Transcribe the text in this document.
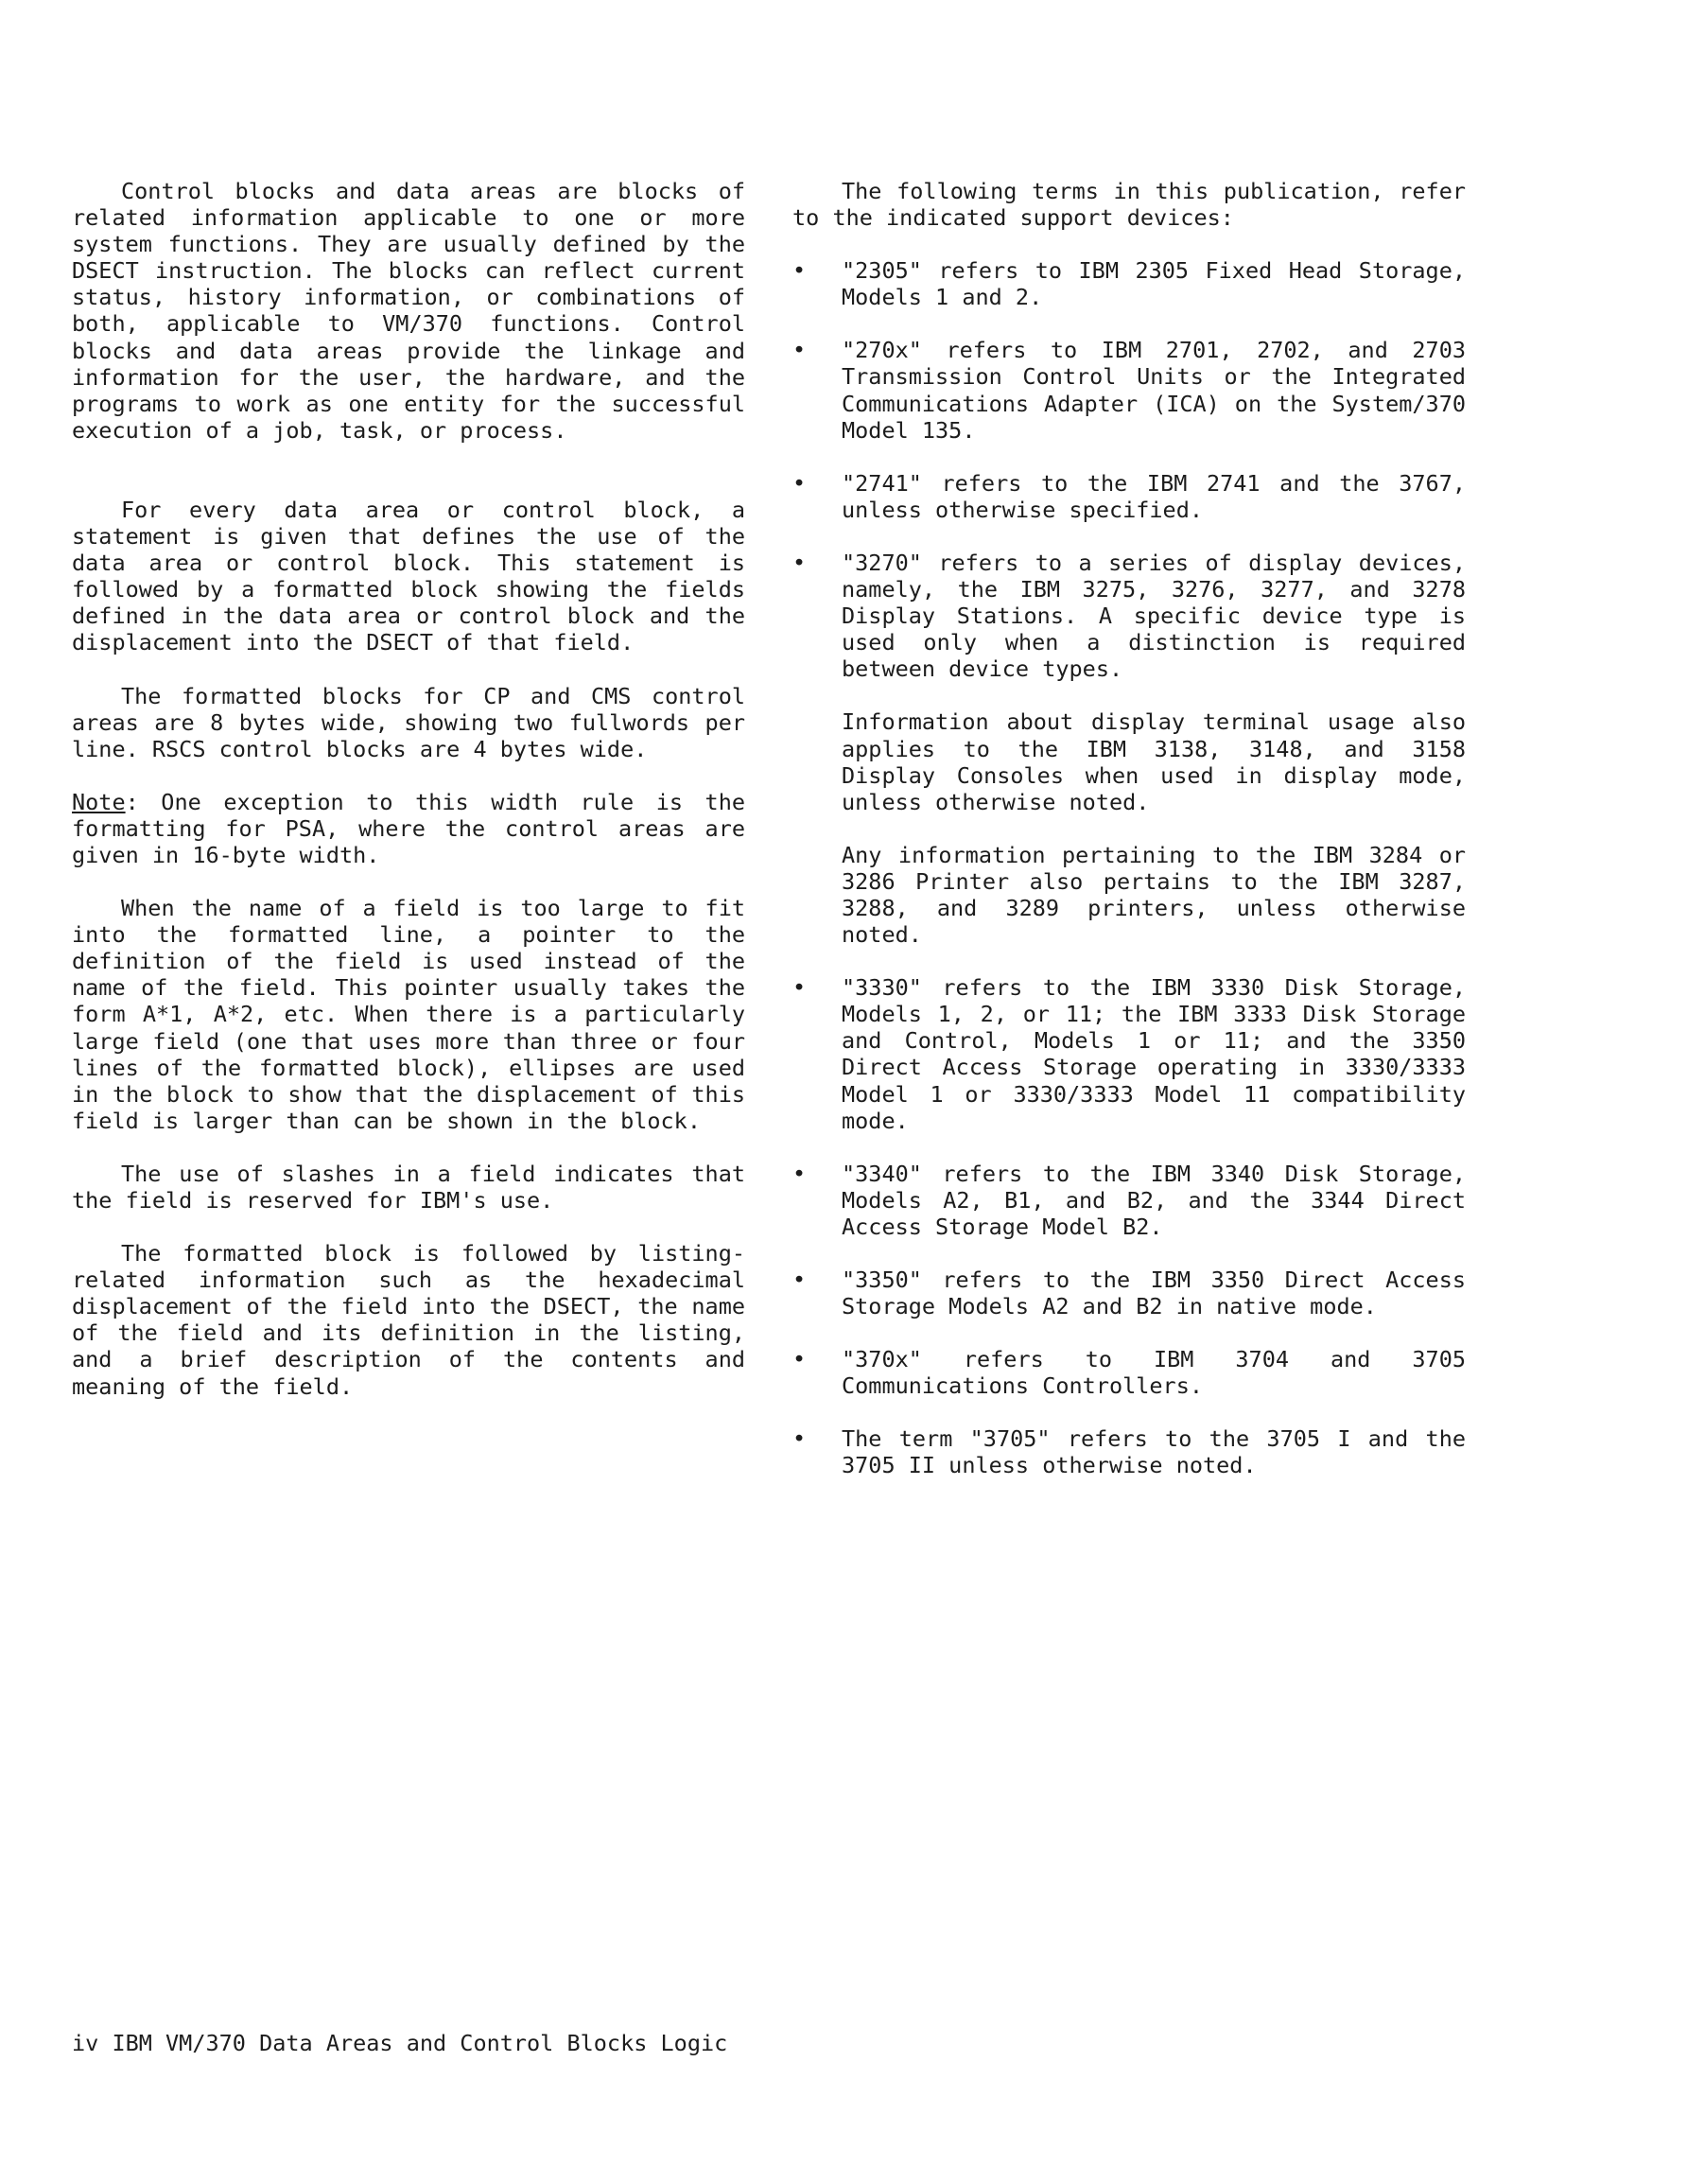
Control blocks and data areas are blocks of related information applicable to one or more system functions. They are usually defined by the DSECT instruction. The blocks can reflect current status, history information, or combinations of both, applicable to VM/370 functions. Control blocks and data areas provide the linkage and information for the user, the hardware, and the programs to work as one entity for the successful execution of a job, task, or process.

For every data area or control block, a statement is given that defines the use of the data area or control block. This statement is followed by a formatted block showing the fields defined in the data area or control block and the displacement into the DSECT of that field.

The formatted blocks for CP and CMS control areas are 8 bytes wide, showing two fullwords per line. RSCS control blocks are 4 bytes wide.

Note: One exception to this width rule is the formatting for PSA, where the control areas are given in 16-byte width.

When the name of a field is too large to fit into the formatted line, a pointer to the definition of the field is used instead of the name of the field. This pointer usually takes the form A*1, A*2, etc. When there is a particularly large field (one that uses more than three or four lines of the formatted block), ellipses are used in the block to show that the displacement of this field is larger than can be shown in the block.

The use of slashes in a field indicates that the field is reserved for IBM's use.

The formatted block is followed by listing-related information such as the hexadecimal displacement of the field into the DSECT, the name of the field and its definition in the listing, and a brief description of the contents and meaning of the field.

The following terms in this publication, refer to the indicated support devices:

•	"2305" refers to IBM 2305 Fixed Head Storage, Models 1 and 2.
•	"270x" refers to IBM 2701, 2702, and 2703 Transmission Control Units or the Integrated Communications Adapter (ICA) on the System/370 Model 135.
•	"2741" refers to the IBM 2741 and the 3767, unless otherwise specified.
•	"3270" refers to a series of display devices, namely, the IBM 3275, 3276, 3277, and 3278 Display Stations. A specific device type is used only when a distinction is required between device types.

Information about display terminal usage also applies to the IBM 3138, 3148, and 3158 Display Consoles when used in display mode, unless otherwise noted.

Any information pertaining to the IBM 3284 or 3286 Printer also pertains to the IBM 3287, 3288, and 3289 printers, unless otherwise noted.

•	"3330" refers to the IBM 3330 Disk Storage, Models 1, 2, or 11; the IBM 3333 Disk Storage and Control, Models 1 or 11; and the 3350 Direct Access Storage operating in 3330/3333 Model 1 or 3330/3333 Model 11 compatibility mode.
•	"3340" refers to the IBM 3340 Disk Storage, Models A2, B1, and B2, and the 3344 Direct Access Storage Model B2.
•	"3350" refers to the IBM 3350 Direct Access Storage Models A2 and B2 in native mode.
•	"370x" refers to IBM 3704 and 3705 Communications Controllers.
•	The term "3705" refers to the 3705 I and the 3705 II unless otherwise noted.
iv IBM VM/370 Data Areas and Control Blocks Logic
